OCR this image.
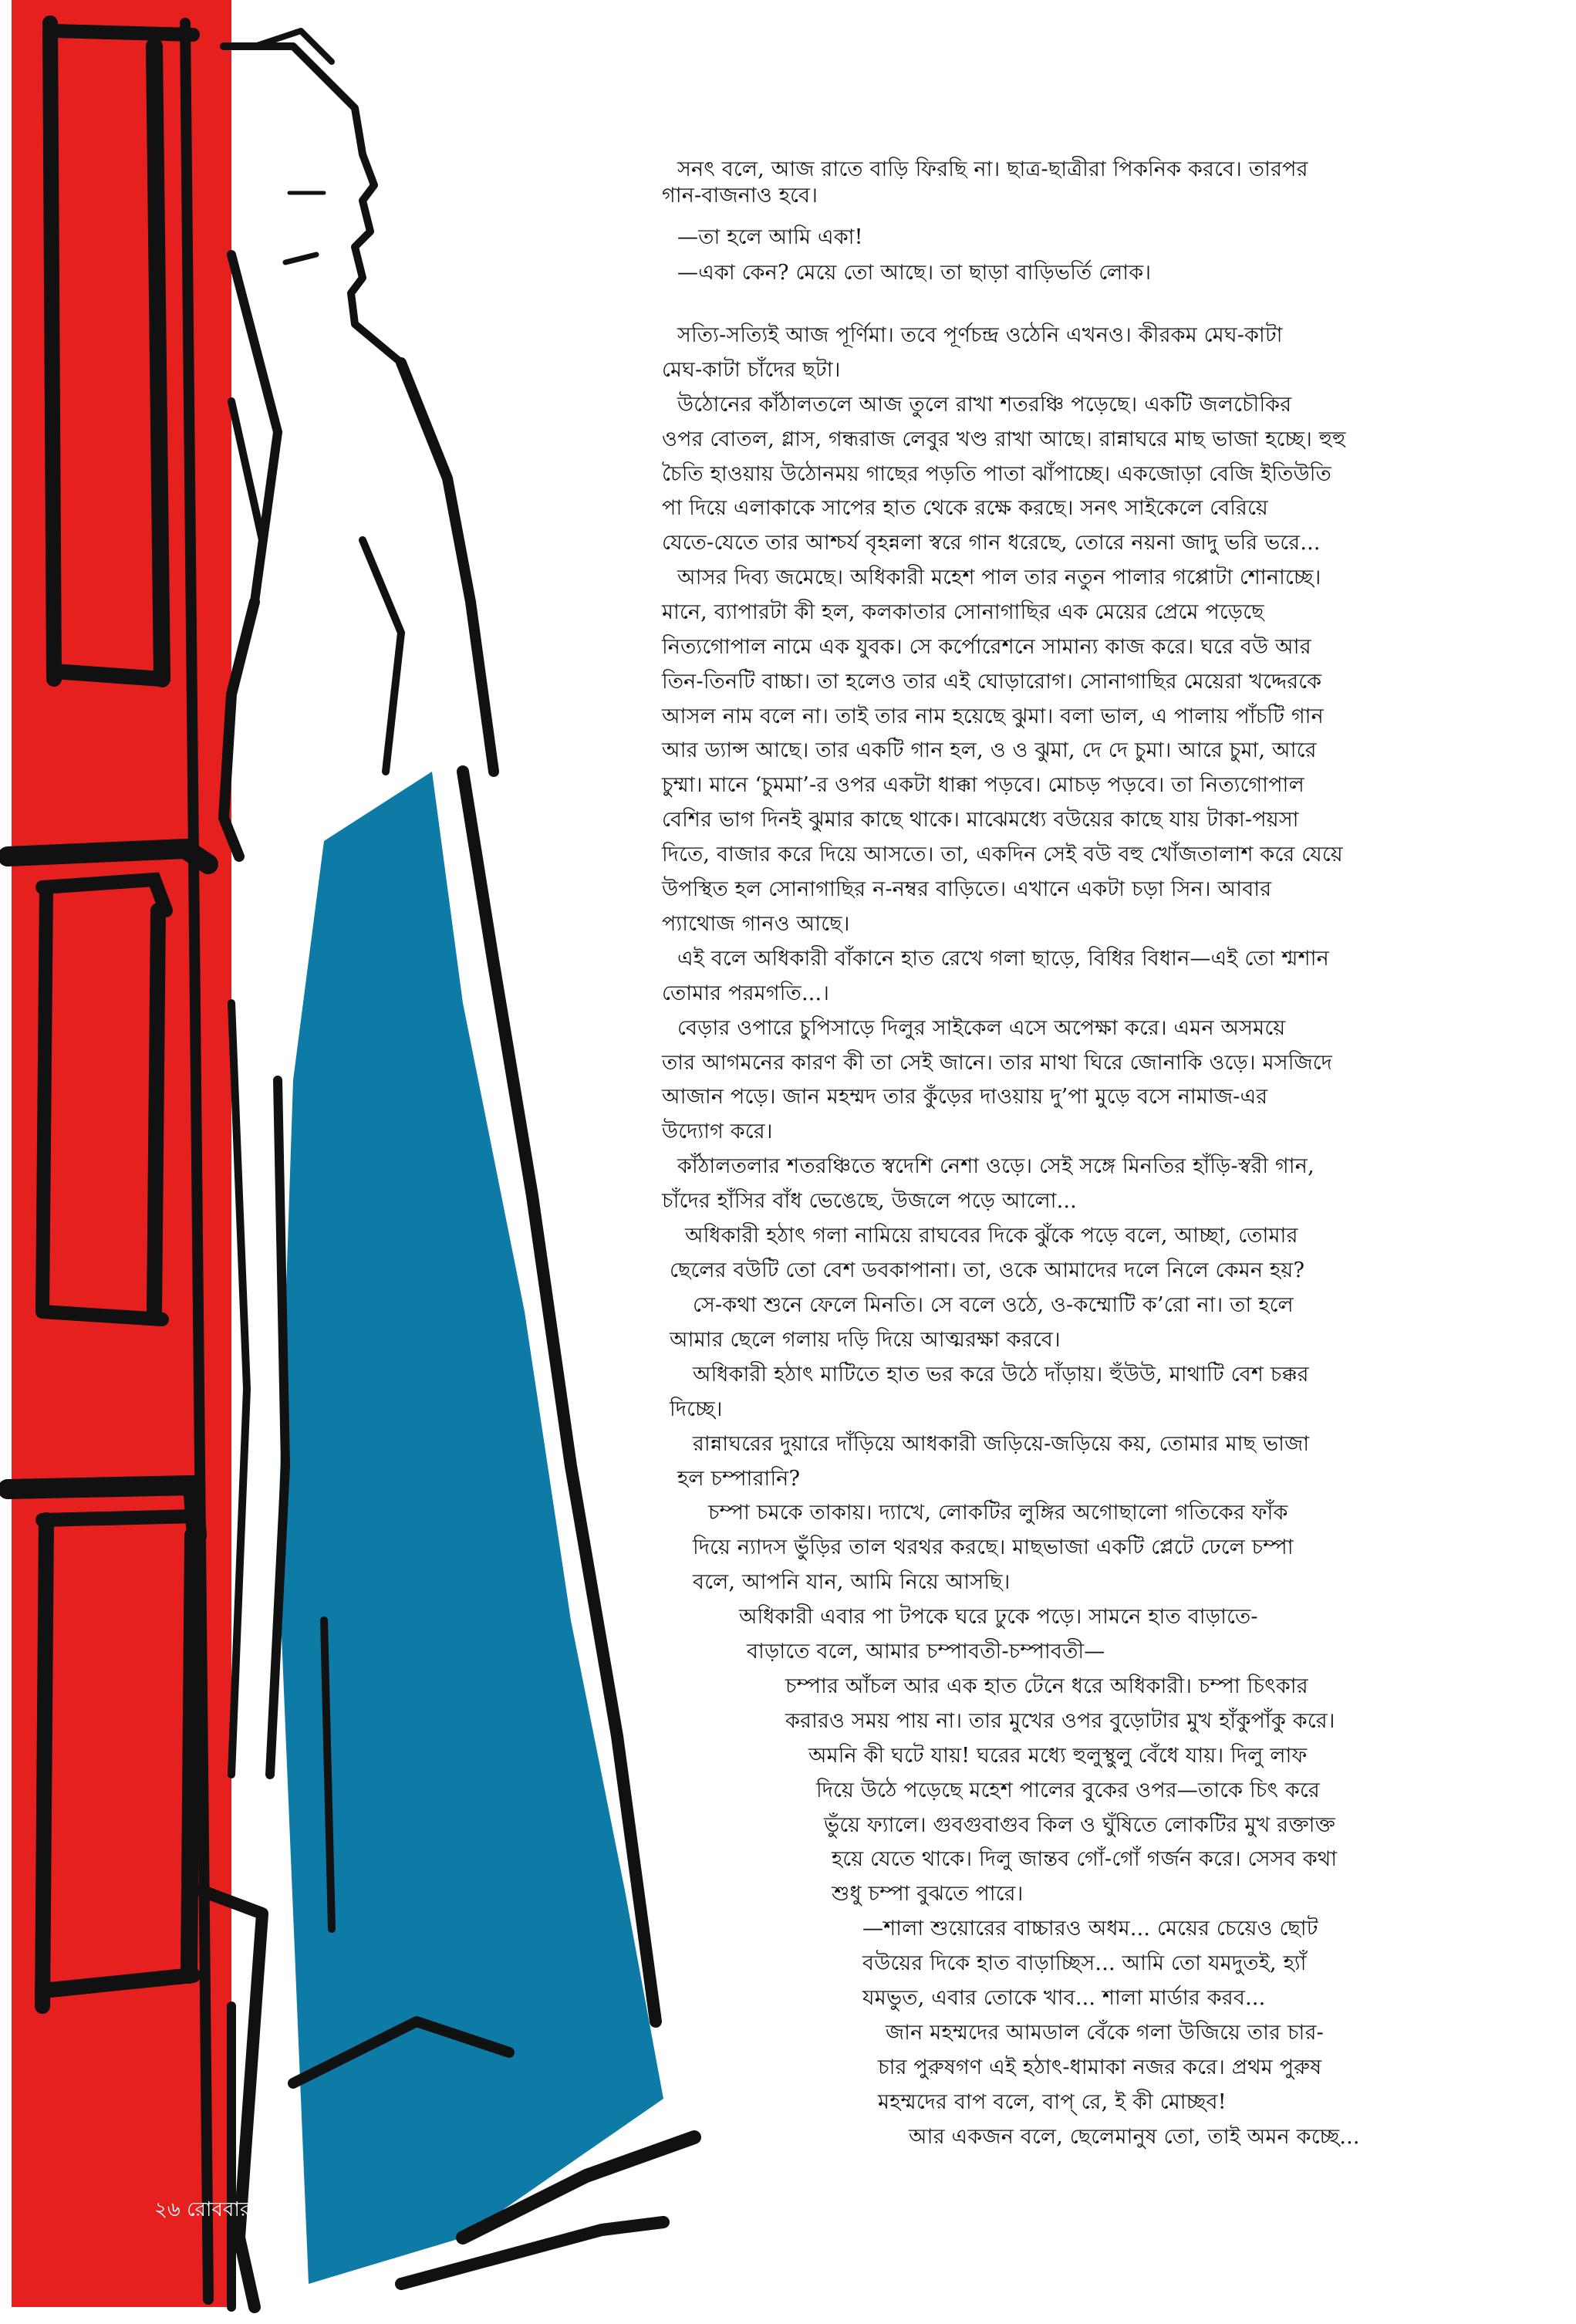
সনৎ বলে, আজ রাতে বাড়ি ফিরছি না। ছাত্র-ছাত্রীরা পিকনিক করবে। তারপর
গান-বাজনাও হবে।
—তা হলে আমি একা!
—একা কেন? মেয়ে তো আছে। তা ছাড়া বাড়িভর্তি লোক।
সত্যি-সত্যিই আজ পূর্ণিমা। তবে পূর্ণচন্দ্র ওঠেনি এখনও। কীরকম মেঘ-কাটা
মেঘ-কাটা চাঁদের ছটা।
উঠোনের কাঁঠালতলে আজ তুলে রাখা শতরঞ্চি পড়েছে। একটি জলচৌকির
ওপর বোতল, গ্লাস, গন্ধরাজ লেবুর খণ্ড রাখা আছে। রান্নাঘরে মাছ ভাজা হচ্ছে। হুহু
চৈতি হাওয়ায় উঠোনময় গাছের পড়তি পাতা ঝাঁপাচ্ছে। একজোড়া বেজি ইতিউতি
পা দিয়ে এলাকাকে সাপের হাত থেকে রক্ষে করছে। সনৎ সাইকেলে বেরিয়ে
যেতে-যেতে তার আশ্চর্য বৃহন্নলা স্বরে গান ধরেছে, তোরে নয়না জাদু ভরি ভরে...
আসর দিব্য জমেছে। অধিকারী মহেশ পাল তার নতুন পালার গপ্পোটা শোনাচ্ছে।
মানে, ব্যাপারটা কী হল, কলকাতার সোনাগাছির এক মেয়ের প্রেমে পড়েছে
নিত্যগোপাল নামে এক যুবক। সে কর্পোরেশনে সামান্য কাজ করে। ঘরে বউ আর
তিন-তিনটি বাচ্চা। তা হলেও তার এই ঘোড়ারোগ। সোনাগাছির মেয়েরা খদ্দেরকে
আসল নাম বলে না। তাই তার নাম হয়েছে ঝুমা। বলা ভাল, এ পালায় পাঁচটি গান
আর ড্যান্স আছে। তার একটি গান হল, ও ও ঝুমা, দে দে চুমা। আরে চুমা, আরে
চুম্মা। মানে ‘চুমমা’-র ওপর একটা ধাক্কা পড়বে। মোচড় পড়বে। তা নিত্যগোপাল
বেশির ভাগ দিনই ঝুমার কাছে থাকে। মাঝেমধ্যে বউয়ের কাছে যায় টাকা-পয়সা
দিতে, বাজার করে দিয়ে আসতে। তা, একদিন সেই বউ বহু খোঁজতালাশ করে যেয়ে
উপস্থিত হল সোনাগাছির ন-নম্বর বাড়িতে। এখানে একটা চড়া সিন। আবার
প্যাথোজ গানও আছে।
এই বলে অধিকারী বাঁকানে হাত রেখে গলা ছাড়ে, বিধির বিধান—এই তো শ্মশান
তোমার পরমগতি...।
বেড়ার ওপারে চুপিসাড়ে দিলুর সাইকেল এসে অপেক্ষা করে। এমন অসময়ে
তার আগমনের কারণ কী তা সেই জানে। তার মাথা ঘিরে জোনাকি ওড়ে। মসজিদে
আজান পড়ে। জান মহম্মদ তার কুঁড়ের দাওয়ায় দু’পা মুড়ে বসে নামাজ-এর
উদ্যোগ করে।
কাঁঠালতলার শতরঞ্চিতে স্বদেশি নেশা ওড়ে। সেই সঙ্গে মিনতির হাঁড়ি-স্বরী গান,
চাঁদের হাঁসির বাঁধ ভেঙেছে, উজলে পড়ে আলো...
অধিকারী হঠাৎ গলা নামিয়ে রাঘবের দিকে ঝুঁকে পড়ে বলে, আচ্ছা, তোমার
ছেলের বউটি তো বেশ ডবকাপানা। তা, ওকে আমাদের দলে নিলে কেমন হয়?
সে-কথা শুনে ফেলে মিনতি। সে বলে ওঠে, ও-কম্মোটি ক’রো না। তা হলে
আমার ছেলে গলায় দড়ি দিয়ে আত্মরক্ষা করবে।
অধিকারী হঠাৎ মাটিতে হাত ভর করে উঠে দাঁড়ায়। হুঁউউ, মাথাটি বেশ চক্কর
দিচ্ছে।
রান্নাঘরের দুয়ারে দাঁড়িয়ে আধকারী জড়িয়ে-জড়িয়ে কয়, তোমার মাছ ভাজা
হল চম্পারানি?
চম্পা চমকে তাকায়। দ্যাখে, লোকটির লুঙ্গির অগোছালো গতিকের ফাঁক
দিয়ে ন্যাদস ভুঁড়ির তাল থরথর করছে। মাছভাজা একটি প্লেটে ঢেলে চম্পা
বলে, আপনি যান, আমি নিয়ে আসছি।
অধিকারী এবার পা টপকে ঘরে ঢুকে পড়ে। সামনে হাত বাড়াতে-
বাড়াতে বলে, আমার চম্পাবতী-চম্পাবতী—
চম্পার আঁচল আর এক হাত টেনে ধরে অধিকারী। চম্পা চিৎকার
করারও সময় পায় না। তার মুখের ওপর বুড়োটার মুখ হাঁকুপাঁকু করে।
অমনি কী ঘটে যায়! ঘরের মধ্যে হুলুস্থুলু বেঁধে যায়। দিলু লাফ
দিয়ে উঠে পড়েছে মহেশ পালের বুকের ওপর—তাকে চিৎ করে
ভুঁয়ে ফ্যালে। গুবগুবাগুব কিল ও ঘুঁষিতে লোকটির মুখ রক্তাক্ত
হয়ে যেতে থাকে। দিলু জান্তব গোঁ-গোঁ গর্জন করে। সেসব কথা
শুধু চম্পা বুঝতে পারে।
—শালা শুয়োরের বাচ্চারও অধম... মেয়ের চেয়েও ছোট
বউয়ের দিকে হাত বাড়াচ্ছিস... আমি তো যমদুতই, হ্যাঁ
যমভুত, এবার তোকে খাব... শালা মার্ডার করব...
জান মহম্মদের আমডাল বেঁকে গলা উজিয়ে তার চার-
চার পুরুষগণ এই হঠাৎ-ধামাকা নজর করে। প্রথম পুরুষ
মহম্মদের বাপ বলে, বাপ্ রে, ই কী মোচ্ছব!
আর একজন বলে, ছেলেমানুষ তো, তাই অমন কচ্ছে...
২৬ রোববার
